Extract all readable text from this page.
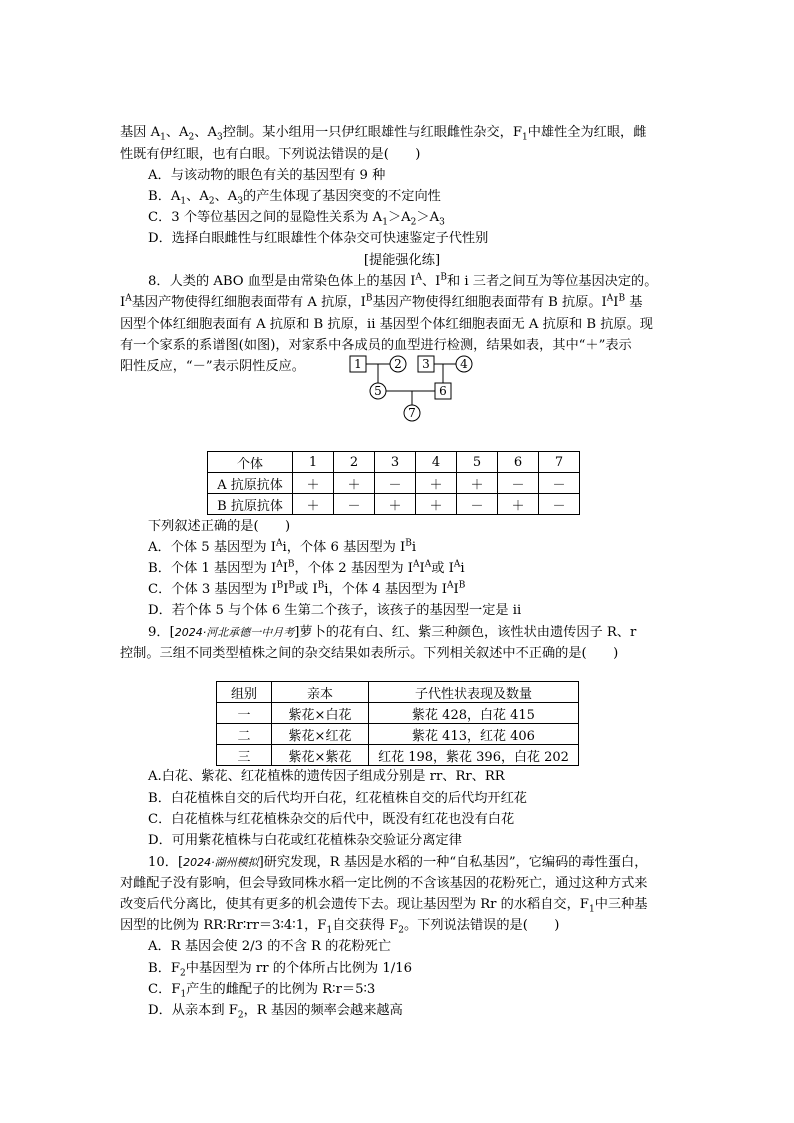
基因 $A_1$、$A_2$、$A_3$控制。某小组用一只伊红眼雄性与红眼雌性杂交，$F_1$中雄性全为红眼，雌
性既有伊红眼，也有白眼。下列说法错误的是(　　)
A．与该动物的眼色有关的基因型有 9 种
B．$A_1$、$A_2$、$A_3$的产生体现了基因突变的不定向性
C．3 个等位基因之间的显隐性关系为 $A_1>A_2>A_3$
D．选择白眼雌性与红眼雄性个体杂交可快速鉴定子代性别
[提能强化练]
8．人类的 ABO 血型是由常染色体上的基因 $I^A$、$I^B$和 i 三者之间互为等位基因决定的。
$I^A$基因产物使得红细胞表面带有 A 抗原，$I^B$基因产物使得红细胞表面带有 B 抗原。$I^AI^B$ 基
因型个体红细胞表面有 A 抗原和 B 抗原，ii 基因型个体红细胞表面无 A 抗原和 B 抗原。现
有一个家系的系谱图(如图)，对家系中各成员的血型进行检测，结果如表，其中“＋”表示
阳性反应，“－”表示阴性反应。	1	2 3	4
5	6
7
个体	1	2	3	4	5	6	7
A 抗原抗体	＋	＋	－	＋	＋	－	－
B 抗原抗体	＋	－	＋	＋	－	＋	－
下列叙述正确的是(　　)
A．个体 5 基因型为 $I^Ai$，个体 6 基因型为 $I^Bi$
B．个体 1 基因型为 $I^AI^B$，个体 2 基因型为 $I^AI^A$或 $I^Ai$
C．个体 3 基因型为 $I^BI^B$或 $I^Bi$，个体 4 基因型为 $I^AI^B$
D．若个体 5 与个体 6 生第二个孩子，该孩子的基因型一定是 ii
9．[2024·河北承德一中月考]萝卜的花有白、红、紫三种颜色，该性状由遗传因子 R、r
控制。三组不同类型植株之间的杂交结果如表所示。下列相关叙述中不正确的是(　　)
组别	亲本	子代性状表现及数量
一	紫花×白花	紫花 428，白花 415
二	紫花×红花	紫花 413，红花 406
三	紫花×紫花	红花 198，紫花 396，白花 202
A.白花、紫花、红花植株的遗传因子组成分别是 rr、Rr、RR
B．白花植株自交的后代均开白花，红花植株自交的后代均开红花
C．白花植株与红花植株杂交的后代中，既没有红花也没有白花
D．可用紫花植株与白花或红花植株杂交验证分离定律
10．[2024·湖州模拟]研究发现，R 基因是水稻的一种“自私基因”，它编码的毒性蛋白，
对雌配子没有影响，但会导致同株水稻一定比例的不含该基因的花粉死亡，通过这种方式来
改变后代分离比，使其有更多的机会遗传下去。现让基因型为 Rr 的水稻自交，$F_1$中三种基
因型的比例为 RR∶Rr∶rr＝3∶4∶1，$F_1$自交获得 $F_2$。下列说法错误的是(　　)
A．R 基因会使 2/3 的不含 R 的花粉死亡
B．$F_2$中基因型为 rr 的个体所占比例为 1/16
C．$F_1$产生的雌配子的比例为 R∶r＝5∶3
D．从亲本到 $F_2$，R 基因的频率会越来越高
